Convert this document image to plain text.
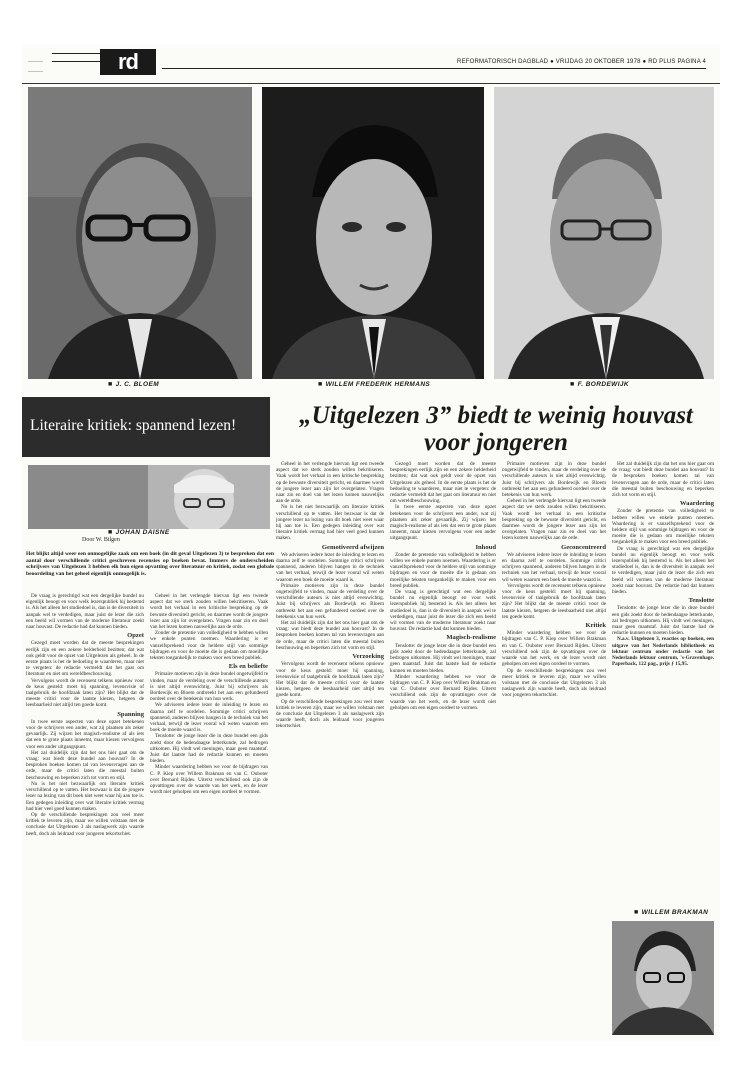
rd	REFORMATORISCH DAGBLAD ● VRIJDAG 20 OKTOBER 1978 ● RD PLUS PAGINA 4
———
———
■ J. C. BLOEM	■ WILLEM FREDERIK HERMANS	■ F. BORDEWIJK
Literaire kritiek: spannend lezen!	„Uitgelezen 3” biedt te weinig houvast voor jongeren
■ JOHAN DAISNE
Door W. Bilgen
Het blijkt altijd weer een onmogelijke zaak om een boek (in dit geval Uitgelezen 3) te bespreken dat een aantal door verschillende critici geschreven recensies op boeken bevat. Immers de onderscheiden schrijvers van Uitgelezen 3 hebben elk hun eigen opvatting over literatuur en kritiek, zodat een globale beoordeling van het geheel eigenlijk onmogelijk is.

De vraag is gerechtigd wat een dergelijke bundel nu eigenlijk beoogt en voor welk lezerspubliek hij bestemd is. Als het alleen het studiedoel is, dan is de diversiteit in aanpak wel te verdedigen, maar juist de lezer die zich een beeld wil vormen van de moderne literatuur zoekt naar houvast. De redactie had dat kunnen bieden.

Opzet

Gezegd moet worden dat de meeste besprekingen eerlijk zijn en een zekere helderheid bezitten; dat wat ook geldt voor de opzet van Uitgelezen als geheel. In de eerste plaats is het de bedoeling te waarderen, maar niet te vergeten: de redactie vermeldt dat het gaat om literatuur en niet om wereldbeschouwing.

Vervolgens wordt de recensent telkens opnieuw voor de keus gesteld: moet hij spanning, levensvisie of taalgebruik de hoofdzaak laten zijn? Het blijkt dat de meeste critici voor de laatste kiezen, hetgeen de leesbaarheid niet altijd ten goede komt.

Spanning

In twee eerste aspecten van deze opzet betekenen voor de schrijvers een ander, wat zij plaatsen als zeker gevaarlijk. Zij wijzen het magisch-realisme af als iets dat een te grote plaats inneemt, maar kiezen vervolgens voor een ander uitgangspunt.

Het zal duidelijk zijn dat het ons hier gaat om de vraag: wat biedt deze bundel aan houvast? In de besproken boeken komen tal van levensvragen aan de orde, maar de critici laten die meestal buiten beschouwing en beperken zich tot vorm en stijl.

Nu is het niet bezwaarlijk om literaire kritiek verschillend op te vatten. Het bezwaar is dat de jongere lezer na lezing van dit boek niet weet waar hij aan toe is. Een gedegen inleiding over wat literaire kritiek vermag had hier veel goed kunnen maken.

Op de verschillende besprekingen zou veel meer kritiek te leveren zijn, maar we willen volstaan met de conclusie dat Uitgelezen 3 als naslagwerk zijn waarde heeft, doch als leidraad voor jongeren tekortschiet.

Geheel in het verlengde hiervan ligt een tweede aspect dat we sterk zouden willen bekritiseren. Vaak wordt het verhaal in een kritische bespreking op de bewuste diversiteit gericht, en daarmee wordt de jongere lezer aan zijn lot overgelaten. Vragen naar zin en doel van het lezen komen nauwelijks aan de orde.

Zonder de pretentie van volledigheid te hebben willen we enkele punten noemen. Waardering is er vanzelfsprekend voor de heldere stijl van sommige bijdragen en voor de moeite die is gedaan om moeilijke teksten toegankelijk te maken voor een breed publiek.

Els en beliefte

Primaire motieven zijn in deze bundel ongetwijfeld te vinden, maar de verdeling over de verschillende auteurs is niet altijd evenwichtig. Juist bij schrijvers als Bordewijk en Bloem ontbreekt het aan een gefundeerd oordeel over de betekenis van hun werk.

We adviseren iedere lezer de inleiding te lezen en daarna zelf te oordelen. Sommige critici schrijven spannend, anderen blijven hangen in de techniek van het verhaal, terwijl de lezer vooral wil weten waarom een boek de moeite waard is.

Tenslotte: de jonge lezer die in deze bundel een gids zoekt door de hedendaagse letterkunde, zal bedrogen uitkomen. Hij vindt wel meningen, maar geen maatstaf. Juist dat laatste had de redactie kunnen en moeten bieden.

Minder waardering hebben we voor de bijdragen van C. P. Kiep over Willem Brakman en van C. Ouboter over Bernard Rijdes. Uiterst verschillend ook zijn de opvattingen over de waarde van het werk, en de lezer wordt niet geholpen om een eigen oordeel te vormen.

Geheel in het verlengde hiervan ligt een tweede aspect dat we sterk zouden willen bekritiseren. Vaak wordt het verhaal in een kritische bespreking op de bewuste diversiteit gericht, en daarmee wordt de jongere lezer aan zijn lot overgelaten. Vragen naar zin en doel van het lezen komen nauwelijks aan de orde.

Nu is het niet bezwaarlijk om literaire kritiek verschillend op te vatten. Het bezwaar is dat de jongere lezer na lezing van dit boek niet weet waar hij aan toe is. Een gedegen inleiding over wat literaire kritiek vermag had hier veel goed kunnen maken.

Gemotiveerd afwijzen

We adviseren iedere lezer de inleiding te lezen en daarna zelf te oordelen. Sommige critici schrijven spannend, anderen blijven hangen in de techniek van het verhaal, terwijl de lezer vooral wil weten waarom een boek de moeite waard is.

Primaire motieven zijn in deze bundel ongetwijfeld te vinden, maar de verdeling over de verschillende auteurs is niet altijd evenwichtig. Juist bij schrijvers als Bordewijk en Bloem ontbreekt het aan een gefundeerd oordeel over de betekenis van hun werk.

Het zal duidelijk zijn dat het ons hier gaat om de vraag: wat biedt deze bundel aan houvast? In de besproken boeken komen tal van levensvragen aan de orde, maar de critici laten die meestal buiten beschouwing en beperken zich tot vorm en stijl.

Verzoeking

Vervolgens wordt de recensent telkens opnieuw voor de keus gesteld: moet hij spanning, levensvisie of taalgebruik de hoofdzaak laten zijn? Het blijkt dat de meeste critici voor de laatste kiezen, hetgeen de leesbaarheid niet altijd ten goede komt.

Op de verschillende besprekingen zou veel meer kritiek te leveren zijn, maar we willen volstaan met de conclusie dat Uitgelezen 3 als naslagwerk zijn waarde heeft, doch als leidraad voor jongeren tekortschiet.

Gezegd moet worden dat de meeste besprekingen eerlijk zijn en een zekere helderheid bezitten; dat wat ook geldt voor de opzet van Uitgelezen als geheel. In de eerste plaats is het de bedoeling te waarderen, maar niet te vergeten: de redactie vermeldt dat het gaat om literatuur en niet om wereldbeschouwing.

In twee eerste aspecten van deze opzet betekenen voor de schrijvers een ander, wat zij plaatsen als zeker gevaarlijk. Zij wijzen het magisch-realisme af als iets dat een te grote plaats inneemt, maar kiezen vervolgens voor een ander uitgangspunt.

Inhoud

Zonder de pretentie van volledigheid te hebben willen we enkele punten noemen. Waardering is er vanzelfsprekend voor de heldere stijl van sommige bijdragen en voor de moeite die is gedaan om moeilijke teksten toegankelijk te maken voor een breed publiek.

De vraag is gerechtigd wat een dergelijke bundel nu eigenlijk beoogt en voor welk lezerspubliek hij bestemd is. Als het alleen het studiedoel is, dan is de diversiteit in aanpak wel te verdedigen, maar juist de lezer die zich een beeld wil vormen van de moderne literatuur zoekt naar houvast. De redactie had dat kunnen bieden.

Magisch-realisme

Tenslotte: de jonge lezer die in deze bundel een gids zoekt door de hedendaagse letterkunde, zal bedrogen uitkomen. Hij vindt wel meningen, maar geen maatstaf. Juist dat laatste had de redactie kunnen en moeten bieden.

Minder waardering hebben we voor de bijdragen van C. P. Kiep over Willem Brakman en van C. Ouboter over Bernard Rijdes. Uiterst verschillend ook zijn de opvattingen over de waarde van het werk, en de lezer wordt niet geholpen om een eigen oordeel te vormen.

Primaire motieven zijn in deze bundel ongetwijfeld te vinden, maar de verdeling over de verschillende auteurs is niet altijd evenwichtig. Juist bij schrijvers als Bordewijk en Bloem ontbreekt het aan een gefundeerd oordeel over de betekenis van hun werk.

Geheel in het verlengde hiervan ligt een tweede aspect dat we sterk zouden willen bekritiseren. Vaak wordt het verhaal in een kritische bespreking op de bewuste diversiteit gericht, en daarmee wordt de jongere lezer aan zijn lot overgelaten. Vragen naar zin en doel van het lezen komen nauwelijks aan de orde.

Geconcentreerd

We adviseren iedere lezer de inleiding te lezen en daarna zelf te oordelen. Sommige critici schrijven spannend, anderen blijven hangen in de techniek van het verhaal, terwijl de lezer vooral wil weten waarom een boek de moeite waard is.

Vervolgens wordt de recensent telkens opnieuw voor de keus gesteld: moet hij spanning, levensvisie of taalgebruik de hoofdzaak laten zijn? Het blijkt dat de meeste critici voor de laatste kiezen, hetgeen de leesbaarheid niet altijd ten goede komt.

Kritiek

Minder waardering hebben we voor de bijdragen van C. P. Kiep over Willem Brakman en van C. Ouboter over Bernard Rijdes. Uiterst verschillend ook zijn de opvattingen over de waarde van het werk, en de lezer wordt niet geholpen om een eigen oordeel te vormen.

Op de verschillende besprekingen zou veel meer kritiek te leveren zijn, maar we willen volstaan met de conclusie dat Uitgelezen 3 als naslagwerk zijn waarde heeft, doch als leidraad voor jongeren tekortschiet.

Het zal duidelijk zijn dat het ons hier gaat om de vraag: wat biedt deze bundel aan houvast? In de besproken boeken komen tal van levensvragen aan de orde, maar de critici laten die meestal buiten beschouwing en beperken zich tot vorm en stijl.

Waardering

Zonder de pretentie van volledigheid te hebben willen we enkele punten noemen. Waardering is er vanzelfsprekend voor de heldere stijl van sommige bijdragen en voor de moeite die is gedaan om moeilijke teksten toegankelijk te maken voor een breed publiek.

De vraag is gerechtigd wat een dergelijke bundel nu eigenlijk beoogt en voor welk lezerspubliek hij bestemd is. Als het alleen het studiedoel is, dan is de diversiteit in aanpak wel te verdedigen, maar juist de lezer die zich een beeld wil vormen van de moderne literatuur zoekt naar houvast. De redactie had dat kunnen bieden.

Tenslotte

Tenslotte: de jonge lezer die in deze bundel een gids zoekt door de hedendaagse letterkunde, zal bedrogen uitkomen. Hij vindt wel meningen, maar geen maatstaf. Juist dat laatste had de redactie kunnen en moeten bieden.

N.a.v. Uitgelezen 3, reacties op boeken, een uitgave van het Nederlands bibliotheek en lektuur centrum onder redactie van het Nederlands lektuur centrum, 's-Gravenhage. Paperback, 122 pag., prijs ƒ 15,95.

■ WILLEM BRAKMAN
